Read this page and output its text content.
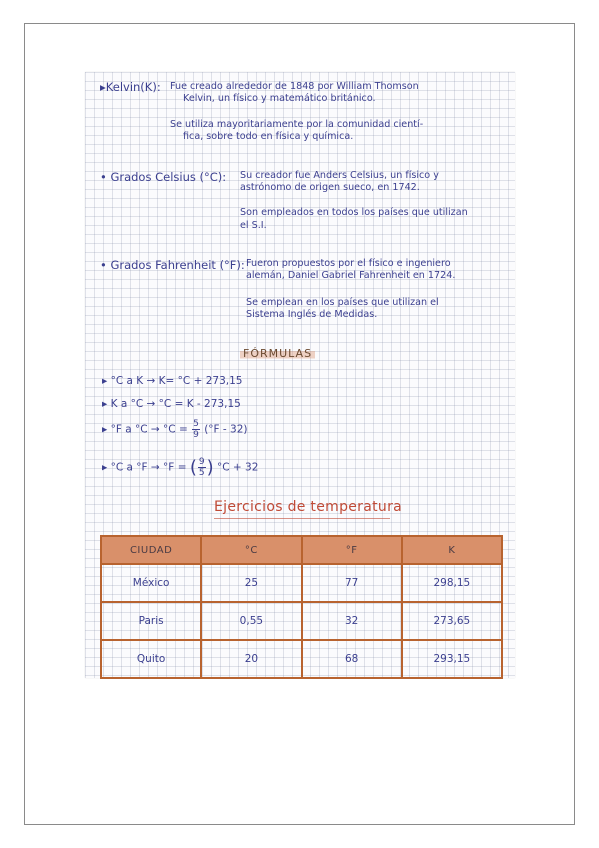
▸Kelvin(K): Fue creado alrededor de 1848 por William Thomson
Kelvin, un físico y matemático británico.
Se utiliza mayoritariamente por la comunidad cientí-
fica, sobre todo en física y química.
• Grados Celsius (°C): Su creador fue Anders Celsius, un físico y
astrónomo de origen sueco, en 1742.
Son empleados en todos los países que utilizan
el S.I.
• Grados Fahrenheit (°F): Fueron propuestos por el físico e ingeniero
alemán, Daniel Gabriel Fahrenheit en 1724.
Se emplean en los países que utilizan el
Sistema Inglés de Medidas.
FÓRMULAS
▸ °C a K → K= °C + 273,15
▸ K a °C → °C = K - 273,15
▸ °F a $^\circ C \to ^\circ C = \frac{5}{9} (^\circ F - 32)$
▸ °C a °F → °F = ( $\frac{9}{5}$ ) °C + 32
Ejercicios de temperatura
CIUDAD	°C	°F	K
México	25	77	298,15
Paris	0,55	32	273,65
Quito	20	68	293,15
